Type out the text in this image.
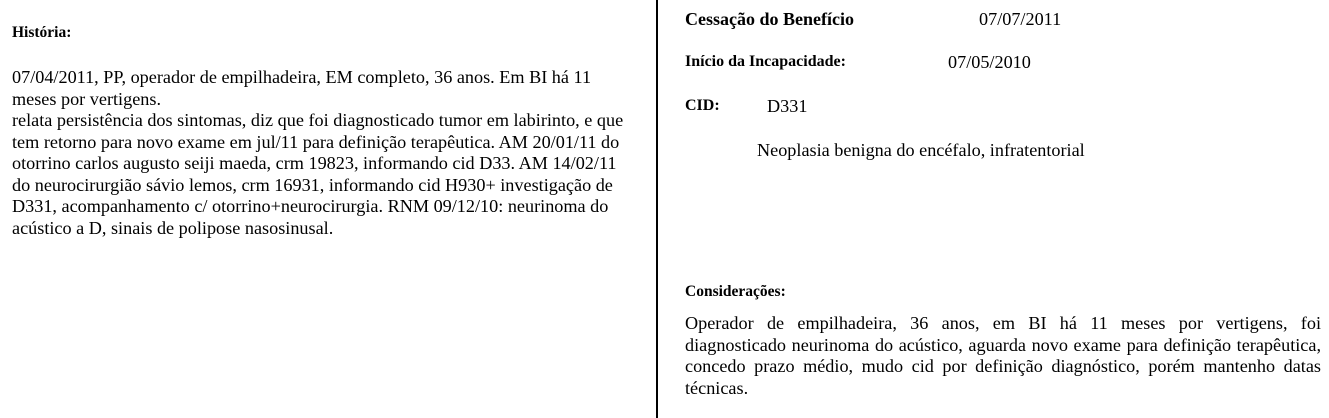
História:

07/04/2011, PP, operador de empilhadeira, EM completo, 36 anos. Em BI há 11 meses por vertigens.

relata persistência dos sintomas, diz que foi diagnosticado tumor em labirinto, e que tem retorno para novo exame em jul/11 para definição terapêutica. AM 20/01/11 do otorrino carlos augusto seiji maeda, crm 19823, informando cid D33. AM 14/02/11 do neurocirurgião sávio lemos, crm 16931, informando cid H930+ investigação de D331, acompanhamento c/ otorrino+neurocirurgia. RNM 09/12/10: neurinoma do acústico a D, sinais de polipose nasosinusal.

Cessação do Benefício	07/07/2011
Início da Incapacidade:	07/05/2010
CID:	D331
Neoplasia benigna do encéfalo, infratentorial
Considerações:
Operador de empilhadeira, 36 anos, em BI há 11 meses por vertigens, foi diagnosticado neurinoma do acústico, aguarda novo exame para definição terapêutica, concedo prazo médio, mudo cid por definição diagnóstico, porém mantenho datas técnicas.
